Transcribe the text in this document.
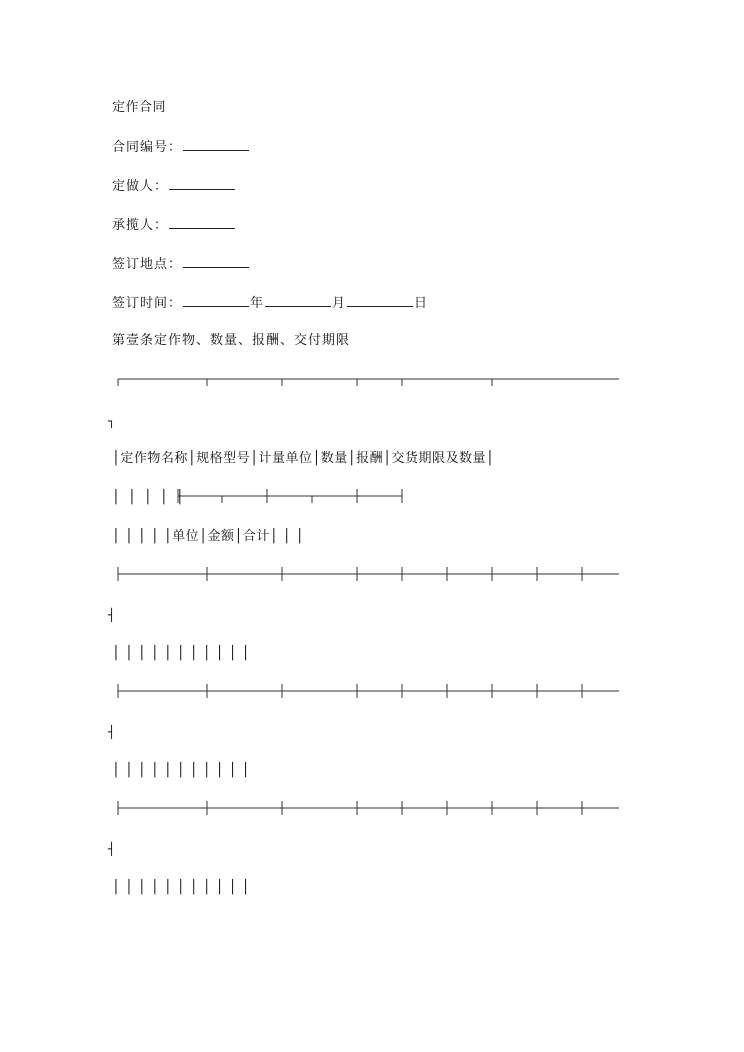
定作合同
合同编号：
定做人：
承揽人：
签订地点：
签订时间：	年	月	日
第壹条定作物、数量、报酬、交付期限
┐
│定作物名称│规格型号│计量单位│数量│报酬│交货期限及数量│
│ │ │ │ │
│ │ │ │ │单位│金额│合计│ │ │
┤
│ │ │ │ │ │ │ │ │ │ │
┤
│ │ │ │ │ │ │ │ │ │ │
┤
│ │ │ │ │ │ │ │ │ │ │
